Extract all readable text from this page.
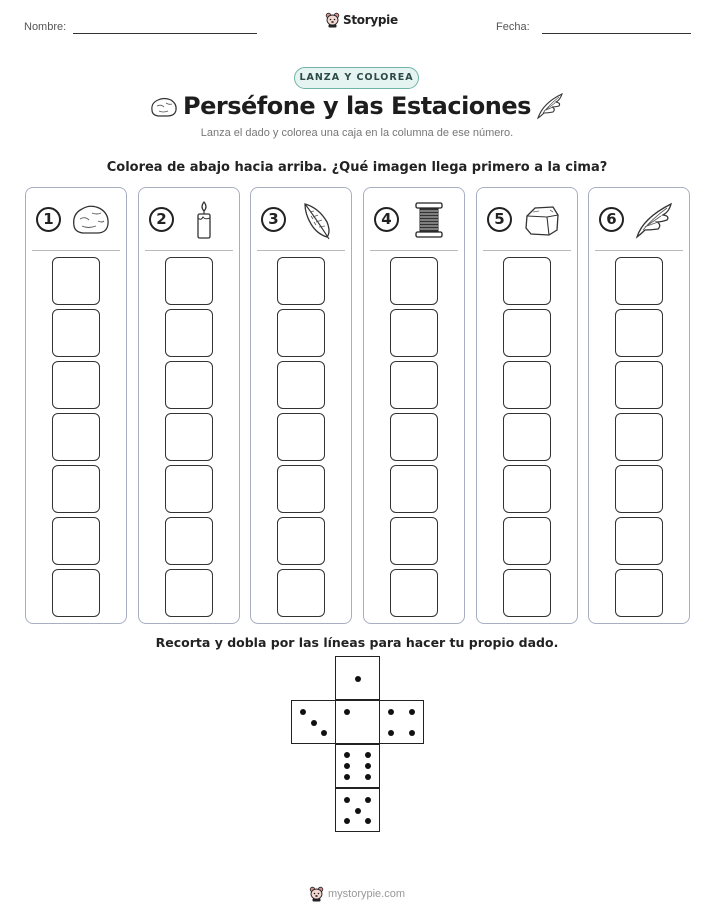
Nombre:	Storypie	Fecha:
LANZA Y COLOREA
Perséfone y las Estaciones
Lanza el dado y colorea una caja en la columna de ese número.
Colorea de abajo hacia arriba. ¿Qué imagen llega primero a la cima?
1	2	3	4	5	6
Recorta y dobla por las líneas para hacer tu propio dado.
mystorypie.com
